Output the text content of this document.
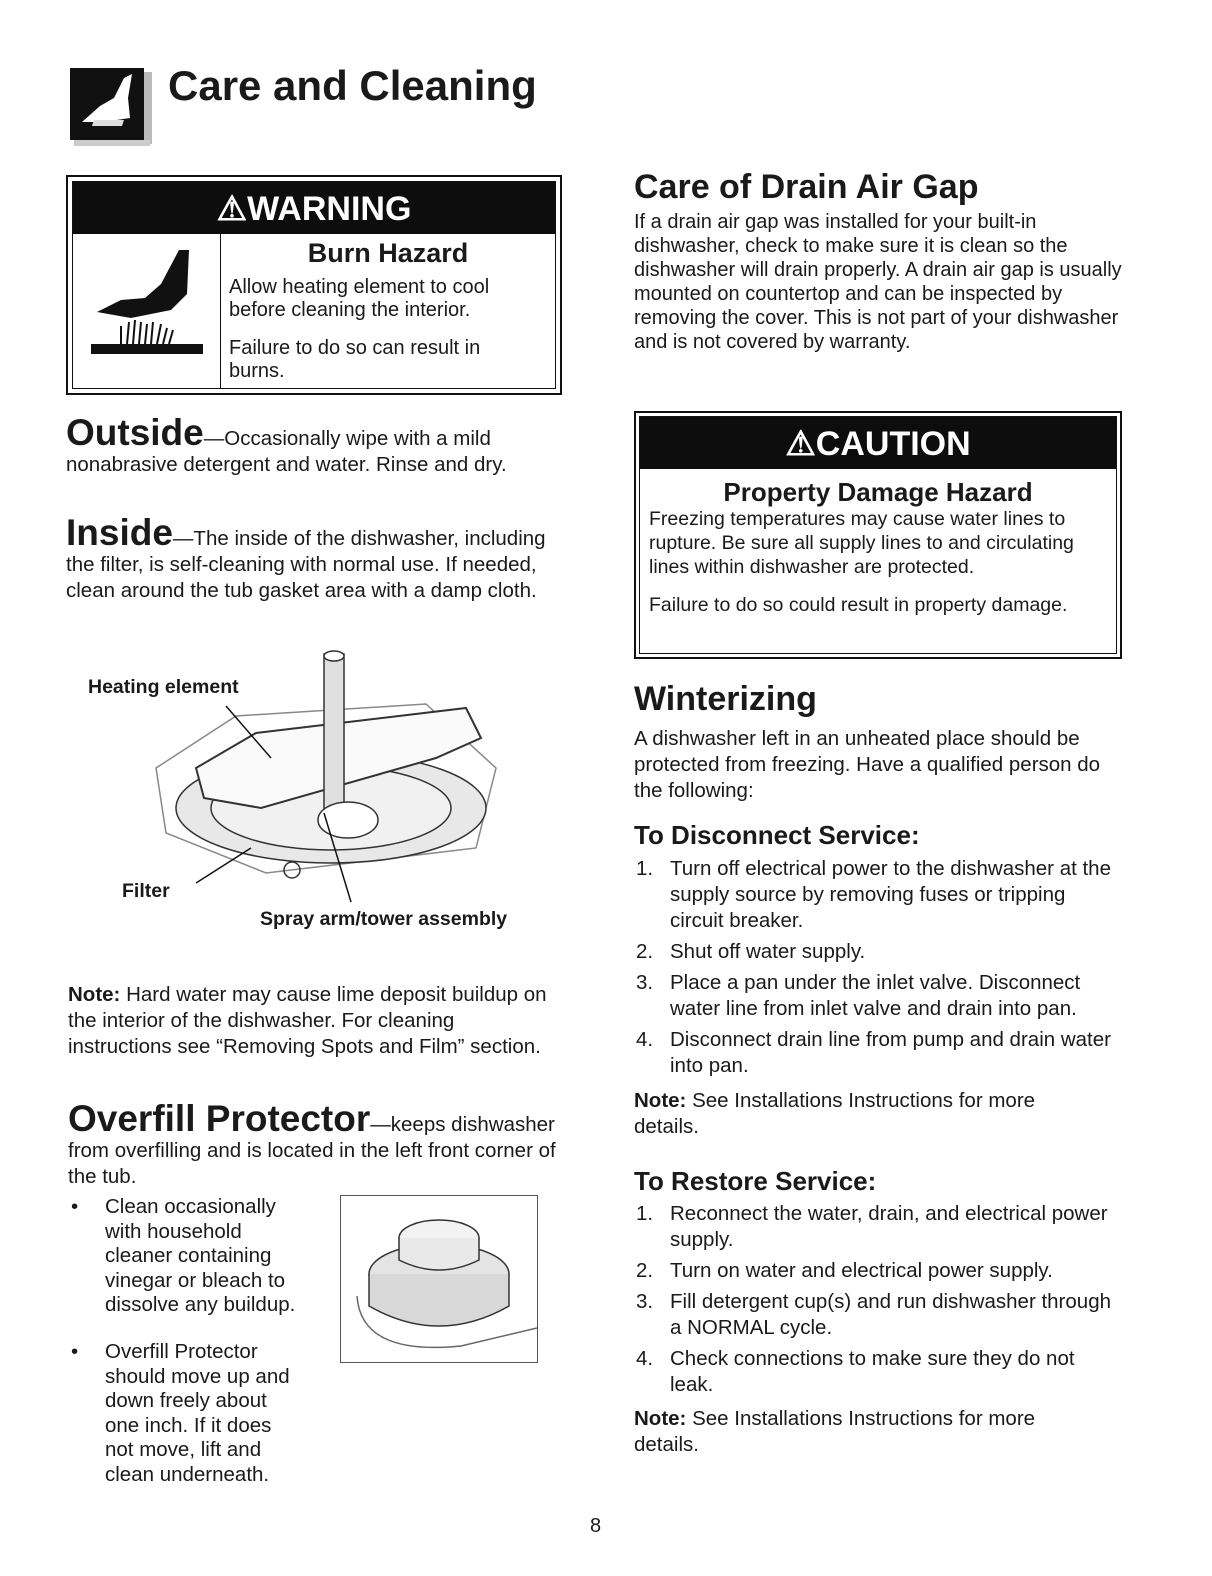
Care and Cleaning
⚠WARNING
Burn Hazard
Allow heating element to cool before cleaning the interior.
Failure to do so can result in burns.
Outside—Occasionally wipe with a mild nonabrasive detergent and water. Rinse and dry.
Inside—The inside of the dishwasher, including the filter, is self-cleaning with normal use. If needed, clean around the tub gasket area with a damp cloth.
Heating element
Filter
Spray arm/tower assembly
Note: Hard water may cause lime deposit buildup on the interior of the dishwasher. For cleaning instructions see “Removing Spots and Film” section.
Overfill Protector—keeps dishwasher from overfilling and is located in the left front corner of the tub.
• Clean occasionally with household cleaner containing vinegar or bleach to dissolve any buildup.
• Overfill Protector should move up and down freely about one inch. If it does not move, lift and clean underneath.
Care of Drain Air Gap
If a drain air gap was installed for your built-in dishwasher, check to make sure it is clean so the dishwasher will drain properly. A drain air gap is usually mounted on countertop and can be inspected by removing the cover. This is not part of your dishwasher and is not covered by warranty.
⚠CAUTION
Property Damage Hazard
Freezing temperatures may cause water lines to rupture. Be sure all supply lines to and circulating lines within dishwasher are protected.
Failure to do so could result in property damage.
Winterizing
A dishwasher left in an unheated place should be protected from freezing. Have a qualified person do the following:
To Disconnect Service:
1. Turn off electrical power to the dishwasher at the supply source by removing fuses or tripping circuit breaker.
2. Shut off water supply.
3. Place a pan under the inlet valve. Disconnect water line from inlet valve and drain into pan.
4. Disconnect drain line from pump and drain water into pan.
Note: See Installations Instructions for more details.
To Restore Service:
1. Reconnect the water, drain, and electrical power supply.
2. Turn on water and electrical power supply.
3. Fill detergent cup(s) and run dishwasher through a NORMAL cycle.
4. Check connections to make sure they do not leak.
Note: See Installations Instructions for more details.
8
